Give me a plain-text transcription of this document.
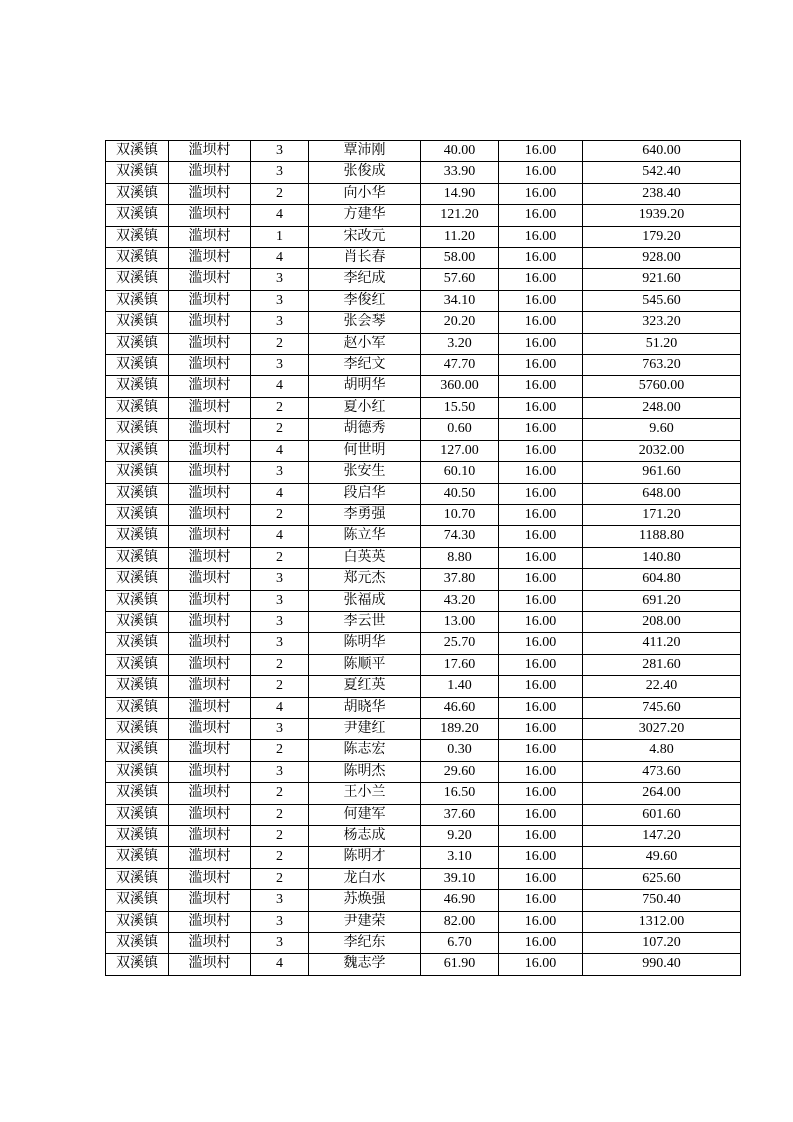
双溪镇	滥坝村	3	覃沛刚	40.00	16.00	640.00
双溪镇	滥坝村	3	张俊成	33.90	16.00	542.40
双溪镇	滥坝村	2	向小华	14.90	16.00	238.40
双溪镇	滥坝村	4	方建华	121.20	16.00	1939.20
双溪镇	滥坝村	1	宋改元	11.20	16.00	179.20
双溪镇	滥坝村	4	肖长春	58.00	16.00	928.00
双溪镇	滥坝村	3	李纪成	57.60	16.00	921.60
双溪镇	滥坝村	3	李俊红	34.10	16.00	545.60
双溪镇	滥坝村	3	张会琴	20.20	16.00	323.20
双溪镇	滥坝村	2	赵小军	3.20	16.00	51.20
双溪镇	滥坝村	3	李纪文	47.70	16.00	763.20
双溪镇	滥坝村	4	胡明华	360.00	16.00	5760.00
双溪镇	滥坝村	2	夏小红	15.50	16.00	248.00
双溪镇	滥坝村	2	胡德秀	0.60	16.00	9.60
双溪镇	滥坝村	4	何世明	127.00	16.00	2032.00
双溪镇	滥坝村	3	张安生	60.10	16.00	961.60
双溪镇	滥坝村	4	段启华	40.50	16.00	648.00
双溪镇	滥坝村	2	李勇强	10.70	16.00	171.20
双溪镇	滥坝村	4	陈立华	74.30	16.00	1188.80
双溪镇	滥坝村	2	白英英	8.80	16.00	140.80
双溪镇	滥坝村	3	郑元杰	37.80	16.00	604.80
双溪镇	滥坝村	3	张福成	43.20	16.00	691.20
双溪镇	滥坝村	3	李云世	13.00	16.00	208.00
双溪镇	滥坝村	3	陈明华	25.70	16.00	411.20
双溪镇	滥坝村	2	陈顺平	17.60	16.00	281.60
双溪镇	滥坝村	2	夏红英	1.40	16.00	22.40
双溪镇	滥坝村	4	胡晓华	46.60	16.00	745.60
双溪镇	滥坝村	3	尹建红	189.20	16.00	3027.20
双溪镇	滥坝村	2	陈志宏	0.30	16.00	4.80
双溪镇	滥坝村	3	陈明杰	29.60	16.00	473.60
双溪镇	滥坝村	2	王小兰	16.50	16.00	264.00
双溪镇	滥坝村	2	何建军	37.60	16.00	601.60
双溪镇	滥坝村	2	杨志成	9.20	16.00	147.20
双溪镇	滥坝村	2	陈明才	3.10	16.00	49.60
双溪镇	滥坝村	2	龙白水	39.10	16.00	625.60
双溪镇	滥坝村	3	苏焕强	46.90	16.00	750.40
双溪镇	滥坝村	3	尹建荣	82.00	16.00	1312.00
双溪镇	滥坝村	3	李纪东	6.70	16.00	107.20
双溪镇	滥坝村	4	魏志学	61.90	16.00	990.40
